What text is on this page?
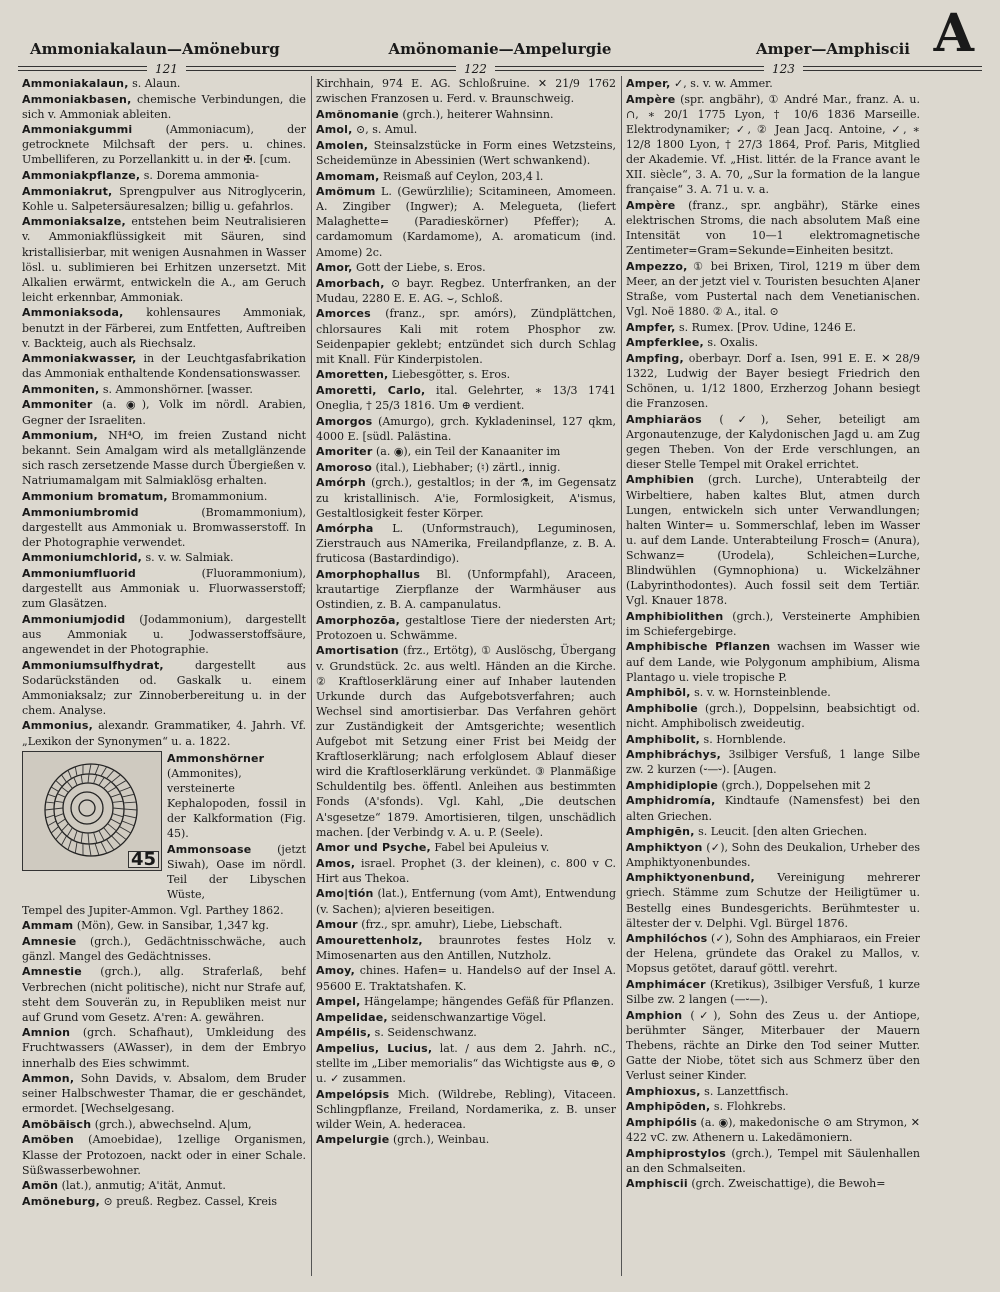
Ammoniakalaun—Amöneburg	Amönomanie—Ampelurgie	Amper—Amphiscii A
121	122	123
Ammoniakalaun, s. Alaun.
Ammoniakbasen, chemische Verbindungen, die sich v. Ammoniak ableiten.
Ammoniakgummi (Ammoniacum), der getrocknete Milchsaft der pers. u. chines. Umbelliferen, zu Porzellankitt u. in der ✠. [cum.
Ammoniakpflanze, s. Dorema ammonia-
Ammoniakrut, Sprengpulver aus Nitroglycerin, Kohle u. Salpetersäuresalzen; billig u. gefahrlos.
Ammoniaksalze, entstehen beim Neutralisieren v. Ammoniakflüssigkeit mit Säuren, sind kristallisierbar, mit wenigen Ausnahmen in Wasser lösl. u. sublimieren bei Erhitzen unzersetzt. Mit Alkalien erwärmt, entwickeln die A., am Geruch leicht erkennbar, Ammoniak.
Ammoniaksoda, kohlensaures Ammoniak, benutzt in der Färberei, zum Entfetten, Auftreiben v. Backteig, auch als Riechsalz.
Ammoniakwasser, in der Leuchtgasfabrikation das Ammoniak enthaltende Kondensationswasser.
Ammoniten, s. Ammonshörner. [wasser.
Ammoniter (a. ◉), Volk im nördl. Arabien, Gegner der Israeliten.
Ammonium, NH⁴O, im freien Zustand nicht bekannt. Sein Amalgam wird als metallglänzende sich rasch zersetzende Masse durch Übergießen v. Natriumamalgam mit Salmiaklösg erhalten.
Ammonium bromatum, Bromammonium.
Ammoniumbromid (Bromammonium), dargestellt aus Ammoniak u. Bromwasserstoff. In der Photographie verwendet.
Ammoniumchlorid, s. v. w. Salmiak.
Ammoniumfluorid (Fluorammonium), dargestellt aus Ammoniak u. Fluorwasserstoff; zum Glasätzen.
Ammoniumjodid (Jodammonium), dargestellt aus Ammoniak u. Jodwasserstoffsäure, angewendet in der Photographie.
Ammoniumsulfhydrat, dargestellt aus Sodarückständen od. Gaskalk u. einem Ammoniaksalz; zur Zinnoberbereitung u. in der chem. Analyse.
Ammonius, alexandr. Grammatiker, 4. Jahrh. Vf. „Lexikon der Synonymen“ u. a. 1822.
45
Ammonshörner (Ammonites), versteinerte Kephalopoden, fossil in der Kalkformation (Fig. 45).
Ammonsoase (jetzt Siwah), Oase im nördl. Teil der Libyschen Wüste,
Tempel des Jupiter-Ammon. Vgl. Parthey 1862.
Ammam (Mön), Gew. in Sansibar, 1,347 kg.
Amnesie (grch.), Gedächtnisschwäche, auch gänzl. Mangel des Gedächtnisses.
Amnestie (grch.), allg. Straferlaß, behf Verbrechen (nicht politische), nicht nur Strafe auf, steht dem Souverän zu, in Republiken meist nur auf Grund vom Gesetz. A'ren: A. gewähren.
Amnion (grch. Schafhaut), Umkleidung des Fruchtwassers (AWasser), in dem der Embryo innerhalb des Eies schwimmt.
Ammon, Sohn Davids, v. Absalom, dem Bruder seiner Halbschwester Thamar, die er geschändet, ermordet. [Wechselgesang.
Amöbäisch (grch.), abwechselnd. A|um,
Amöben (Amoebidae), 1zellige Organismen, Klasse der Protozoen, nackt oder in einer Schale. Süßwasserbewohner.
Amön (lat.), anmutig; A'ität, Anmut.
Amöneburg, ⊙ preuß. Regbez. Cassel, Kreis
Kirchhain, 974 E. AG. Schloßruine. ✕ 21/9 1762 zwischen Franzosen u. Ferd. v. Braunschweig.
Amönomanie (grch.), heiterer Wahnsinn.
Amol, ⊙, s. Amul.
Amolen, Steinsalzstücke in Form eines Wetzsteins, Scheidemünze in Abessinien (Wert schwankend).
Amomam, Reismaß auf Ceylon, 203,4 l.
Amömum L. (Gewürzlilie); Scitamineen, Amomeen. A. Zingiber (Ingwer); A. Meleguetа, (liefert Malaghette= (Paradieskörner) Pfeffer); A. cardamomum (Kardamome), A. aromaticum (ind. Amome) 2c.
Amor, Gott der Liebe, s. Eros.
Amorbach, ⊙ bayr. Regbez. Unterfranken, an der Mudau, 2280 E. E. AG. ⌣, Schloß.
Amorces (franz., spr. amórs), Zündplättchen, chlorsaures Kali mit rotem Phosphor zw. Seidenpapier geklebt; entzündet sich durch Schlag mit Knall. Für Kinderpistolen.
Amoretten, Liebesgötter, s. Eros.
Amoretti, Carlo, ital. Gelehrter, ∗ 13/3 1741 Oneglia, † 25/3 1816. Um ⊕ verdient.
Amorgos (Amurgo), grch. Kykladeninsel, 127 qkm, 4000 E. [südl. Palästina.
Amoriter (a. ◉), ein Teil der Kanaaniter im
Amoroso (ital.), Liebhaber; (♮) zärtl., innig.
Amórph (grch.), gestaltlos; in der ⚗, im Gegensatz zu kristallinisch. A'ie, Formlosigkeit, A'ismus, Gestaltlosigkeit fester Körper.
Amórpha L. (Unformstrauch), Leguminosen, Zierstrauch aus NAmerika, Freilandpflanze, z. B. A. fruticosa (Bastardindigo).
Amorphophallus Bl. (Unformpfahl), Araceen, krautartige Zierpflanze der Warmhäuser aus Ostindien, z. B. A. campanulatus.
Amorphozōa, gestaltlose Tiere der niedersten Art; Protozoen u. Schwämme.
Amortisation (frz., Ertötg), ① Auslöschg, Übergang v. Grundstück. 2c. aus weltl. Händen an die Kirche. ② Kraftloserklärung einer auf Inhaber lautenden Urkunde durch das Aufgebotsverfahren; auch Wechsel sind amortisierbar. Das Verfahren gehört zur Zuständigkeit der Amtsgerichte; wesentlich Aufgebot mit Setzung einer Frist bei Meidg der Kraftloserklärung; nach erfolglosem Ablauf dieser wird die Kraftloserklärung verkündet. ③ Planmäßige Schuldentilg bes. öffentl. Anleihen aus bestimmten Fonds (A'sfonds). Vgl. Kahl, „Die deutschen A'sgesetze“ 1879. Amortisieren, tilgen, unschädlich machen. [der Verbindg v. A. u. P. (Seele).
Amor und Psyche, Fabel bei Apuleius v.
Amos, israel. Prophet (3. der kleinen), c. 800 v C. Hirt aus Thekoa.
Amo|tión (lat.), Entfernung (vom Amt), Entwendung (v. Sachen); a|vieren beseitigen.
Amour (frz., spr. amuhr), Liebe, Liebschaft.
Amourettenholz, braunrotes festes Holz v. Mimosenarten aus den Antillen, Nutzholz.
Amoy, chines. Hafen= u. Handels⊙ auf der Insel A. 95600 E. Traktatshafen. K.
Ampel, Hängelampe; hängendes Gefäß für Pflanzen.
Ampelidae, seidenschwanzartige Vögel.
Ampélis, s. Seidenschwanz.
Ampelius, Lucius, lat. / aus dem 2. Jahrh. nC., stellte im „Liber memorialis“ das Wichtigste aus ⊕, ⊙ u. ✓ zusammen.
Ampelópsis Mich. (Wildrebe, Rebling), Vitaceen. Schlingpflanze, Freiland, Nordamerika, z. B. unser wilder Wein, A. hederacea.
Ampelurgie (grch.), Weinbau.
Amper, ✓, s. v. w. Ammer.
Ampère (spr. angbähr), ① André Mar., franz. A. u. ∩, ∗ 20/1 1775 Lyon, † 10/6 1836 Marseille. Elektrodynamiker; ✓, ② Jean Jacq. Antoine, ✓, ∗ 12/8 1800 Lyon, † 27/3 1864, Prof. Paris, Mitglied der Akademie. Vf. „Hist. littér. de la France avant le XII. siècle“, 3. A. 70, „Sur la formation de la langue française“ 3. A. 71 u. v. a.
Ampère (franz., spr. angbähr), Stärke eines elektrischen Stroms, die nach absolutem Maß eine Intensität von 10—1 elektromagnetische Zentimeter=Gram=Sekunde=Einheiten besitzt.
Ampezzo, ① bei Brixen, Tirol, 1219 m über dem Meer, an der jetzt viel v. Touristen besuchten A|aner Straße, vom Pustertal nach dem Venetianischen. Vgl. Noë 1880. ② A., ital. ⊙
Ampfer, s. Rumex. [Prov. Udine, 1246 E.
Ampferklee, s. Oxalis.
Ampfing, oberbayr. Dorf a. Isen, 991 E. E. ✕ 28/9 1322, Ludwig der Bayer besiegt Friedrich den Schönen, u. 1/12 1800, Erzherzog Johann besiegt die Franzosen.
Amphiaräos (✓), Seher, beteiligt am Argonautenzuge, der Kalydonischen Jagd u. am Zug gegen Theben. Von der Erde verschlungen, an dieser Stelle Tempel mit Orakel errichtet.
Amphibien (grch. Lurche), Unterabteilg der Wirbeltiere, haben kaltes Blut, atmen durch Lungen, entwickeln sich unter Verwandlungen; halten Winter= u. Sommerschlaf, leben im Wasser u. auf dem Lande. Unterabteilung Frosch= (Anura), Schwanz= (Urodela), Schleichen=Lurche, Blindwühlen (Gymnophiona) u. Wickelzähner (Labyrinthodontes). Auch fossil seit dem Tertiär. Vgl. Knauer 1878.
Amphibiolithen (grch.), Versteinerte Amphibien im Schiefergebirge.
Amphibische Pflanzen wachsen im Wasser wie auf dem Lande, wie Polygonum amphibium, Alisma Plantago u. viele tropische P.
Amphibōl, s. v. w. Hornsteinblende.
Amphibolie (grch.), Doppelsinn, beabsichtigt od. nicht. Amphibolisch zweideutig.
Amphibolit, s. Hornblende.
Amphibráchys, 3silbiger Versfuß, 1 lange Silbe zw. 2 kurzen (⏑—⏑). [Augen.
Amphidiplopie (grch.), Doppelsehen mit 2
Amphidromía, Kindtaufe (Namensfest) bei den alten Griechen.
Amphigēn, s. Leucit. [den alten Griechen.
Amphiktyon (✓), Sohn des Deukalion, Urheber des Amphiktyonenbundes.
Amphiktyonenbund, Vereinigung mehrerer griech. Stämme zum Schutze der Heiligtümer u. Bestellg eines Bundesgerichts. Berühmtester u. ältester der v. Delphi. Vgl. Bürgel 1876.
Amphilóchos (✓), Sohn des Amphiaraos, ein Freier der Helena, gründete das Orakel zu Mallos, v. Mopsus getötet, darauf göttl. verehrt.
Amphimácer (Kretikus), 3silbiger Versfuß, 1 kurze Silbe zw. 2 langen (—⏑—).
Amphion (✓), Sohn des Zeus u. der Antiope, berühmter Sänger, Miterbauer der Mauern Thebens, rächte an Dirke den Tod seiner Mutter. Gatte der Niobe, tötet sich aus Schmerz über den Verlust seiner Kinder.
Amphioxus, s. Lanzettfisch.
Amphipōden, s. Flohkrebs.
Amphipólis (a. ◉), makedonische ⊙ am Strymon, ✕ 422 vC. zw. Athenern u. Lakedämoniern.
Amphiprostylos (grch.), Tempel mit Säulenhallen an den Schmalseiten.
Amphiscii (grch. Zweischattige), die Bewoh=
